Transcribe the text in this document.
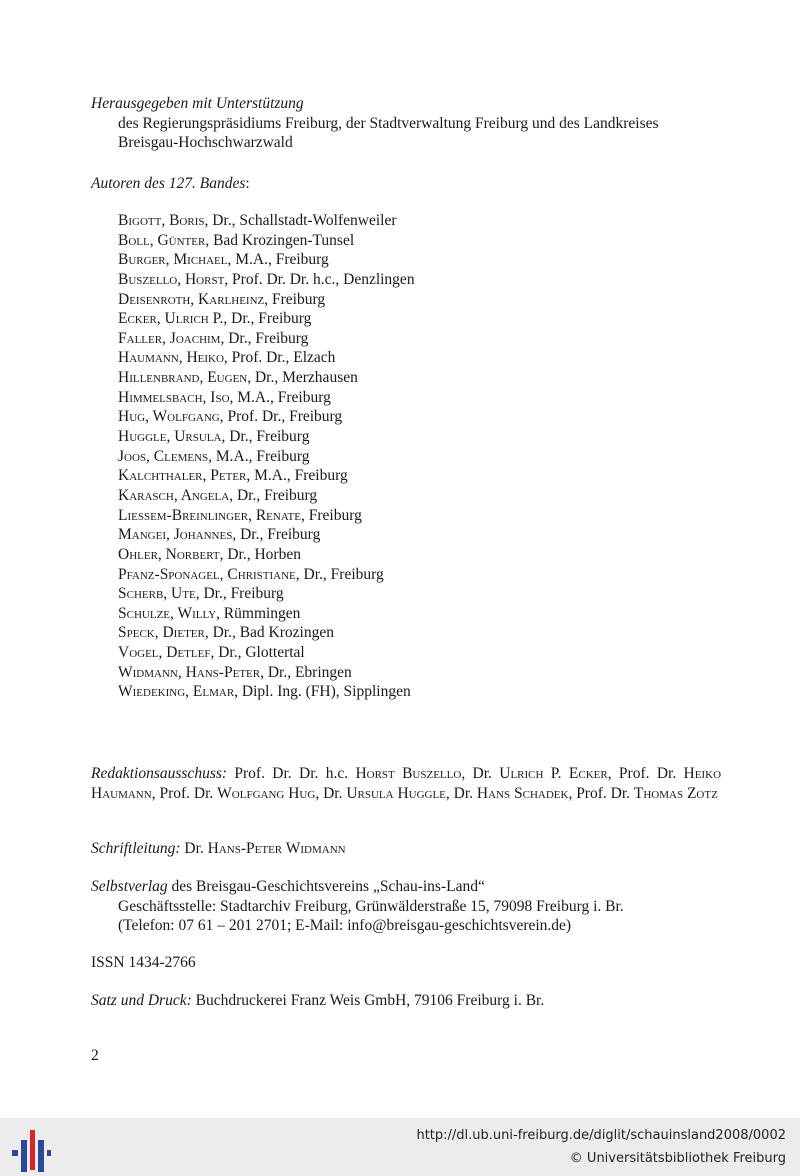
Herausgegeben mit Unterstützung
des Regierungspräsidiums Freiburg, der Stadtverwaltung Freiburg und des Landkreises
Breisgau-Hochschwarzwald
Autoren des 127. Bandes:
Bigott, Boris, Dr., Schallstadt-Wolfenweiler
Boll, Günter, Bad Krozingen-Tunsel
Burger, Michael, M.A., Freiburg
Buszello, Horst, Prof. Dr. Dr. h.c., Denzlingen
Deisenroth, Karlheinz, Freiburg
Ecker, Ulrich P., Dr., Freiburg
Faller, Joachim, Dr., Freiburg
Haumann, Heiko, Prof. Dr., Elzach
Hillenbrand, Eugen, Dr., Merzhausen
Himmelsbach, Iso, M.A., Freiburg
Hug, Wolfgang, Prof. Dr., Freiburg
Huggle, Ursula, Dr., Freiburg
Joos, Clemens, M.A., Freiburg
Kalchthaler, Peter, M.A., Freiburg
Karasch, Angela, Dr., Freiburg
Liessem-Breinlinger, Renate, Freiburg
Mangei, Johannes, Dr., Freiburg
Ohler, Norbert, Dr., Horben
Pfanz-Sponagel, Christiane, Dr., Freiburg
Scherb, Ute, Dr., Freiburg
Schulze, Willy, Rümmingen
Speck, Dieter, Dr., Bad Krozingen
Vogel, Detlef, Dr., Glottertal
Widmann, Hans-Peter, Dr., Ebringen
Wiedeking, Elmar, Dipl. Ing. (FH), Sipplingen
Redaktionsausschuss: Prof. Dr. Dr. h.c. Horst Buszello, Dr. Ulrich P. Ecker, Prof. Dr. Heiko Haumann, Prof. Dr. Wolfgang Hug, Dr. Ursula Huggle, Dr. Hans Schadek, Prof. Dr. Thomas Zotz
Schriftleitung: Dr. Hans-Peter Widmann
Selbstverlag des Breisgau-Geschichtsvereins „Schau-ins-Land“
Geschäftsstelle: Stadtarchiv Freiburg, Grünwälderstraße 15, 79098 Freiburg i. Br.
(Telefon: 07 61 – 201 2701; E-Mail: info@breisgau-geschichtsverein.de)
ISSN 1434-2766
Satz und Druck: Buchdruckerei Franz Weis GmbH, 79106 Freiburg i. Br.
2
http://dl.ub.uni-freiburg.de/diglit/schauinsland2008/0002
© Universitätsbibliothek Freiburg
